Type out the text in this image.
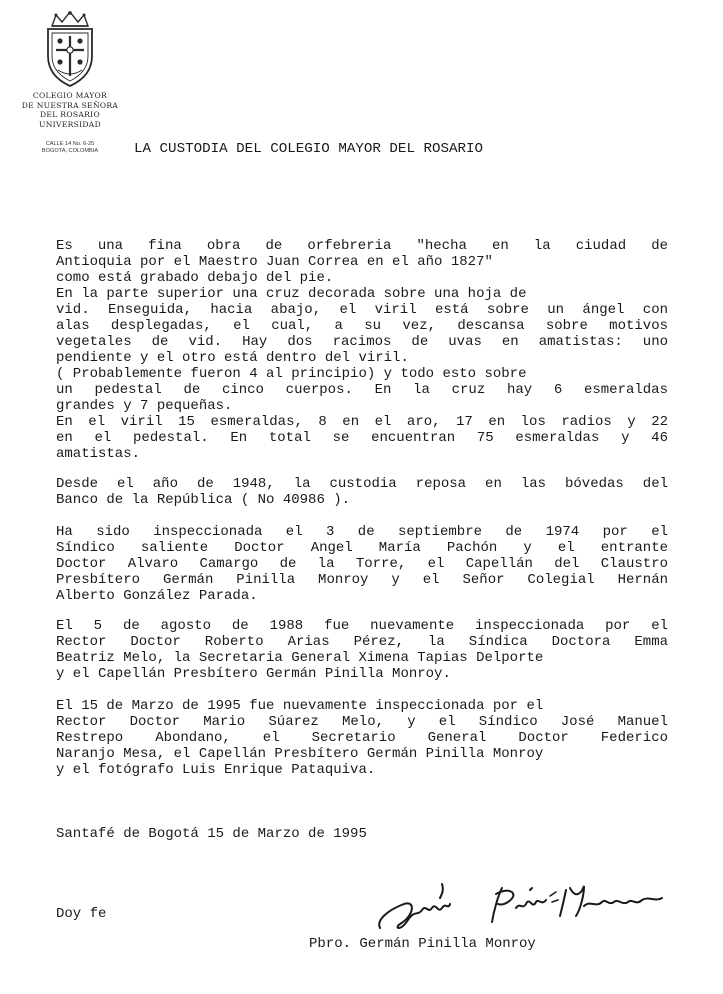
COLEGIO MAYOR
DE NUESTRA SEÑORA
DEL ROSARIO
UNIVERSIDAD
CALLE 14 No. 6-25
BOGOTA, COLOMBIA	LA CUSTODIA DEL COLEGIO MAYOR DEL ROSARIO
Es una fina obra de orfebreria "hecha en la ciudad de
Antioquia por el Maestro Juan Correa en el año 1827"
como está grabado debajo del pie.
En la parte superior una cruz decorada sobre una hoja de
vid. Enseguida, hacia abajo, el viril está sobre un ángel con
alas desplegadas, el cual, a su vez, descansa sobre motivos
vegetales de vid. Hay dos racimos de uvas en amatistas: uno
pendiente y el otro está dentro del viril.
( Probablemente fueron 4 al principio) y todo esto sobre
un pedestal de cinco cuerpos. En la cruz hay 6 esmeraldas
grandes y 7 pequeñas.
En el viril 15 esmeraldas, 8 en el aro, 17 en los radios y 22
en el pedestal. En total se encuentran 75 esmeraldas y 46
amatistas.
Desde el año de 1948, la custodia reposa en las bóvedas del
Banco de la República ( No 40986 ).
Ha sido inspeccionada el 3 de septiembre de 1974 por el
Síndico saliente Doctor Angel María Pachón y el entrante
Doctor Alvaro Camargo de la Torre, el Capellán del Claustro
Presbítero Germán Pinilla Monroy y el Señor Colegial Hernán
Alberto González Parada.
El 5 de agosto de 1988 fue nuevamente inspeccionada por el
Rector Doctor Roberto Arias Pérez, la Síndica Doctora Emma
Beatriz Melo, la Secretaria General Ximena Tapias Delporte
y el Capellán Presbítero Germán Pinilla Monroy.
El 15 de Marzo de 1995 fue nuevamente inspeccionada por el
Rector Doctor Mario Súarez Melo, y el Síndico José Manuel
Restrepo Abondano, el Secretario General Doctor Federico
Naranjo Mesa, el Capellán Presbítero Germán Pinilla Monroy
y el fotógrafo Luis Enrique Pataquiva.
Santafé de Bogotá 15 de Marzo de 1995
Doy fe
Pbro. Germán Pinilla Monroy
